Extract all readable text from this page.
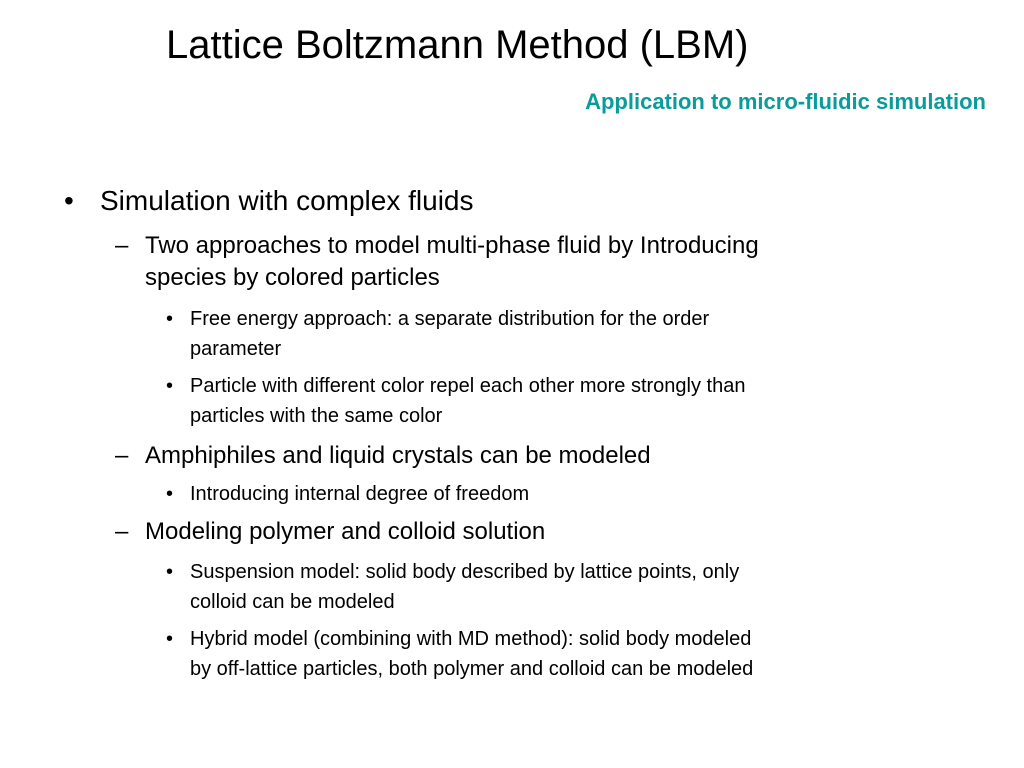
Lattice Boltzmann Method (LBM)
Application to micro-fluidic simulation
• Simulation with complex fluids
– Two approaches to model multi-phase fluid by Introducing
species by colored particles
• Free energy approach: a separate distribution for the order
parameter
• Particle with different color repel each other more strongly than
particles with the same color
– Amphiphiles and liquid crystals can be modeled
• Introducing internal degree of freedom
– Modeling polymer and colloid solution
• Suspension model: solid body described by lattice points, only
colloid can be modeled
• Hybrid model (combining with MD method): solid body modeled
by off-lattice particles, both polymer and colloid can be modeled
